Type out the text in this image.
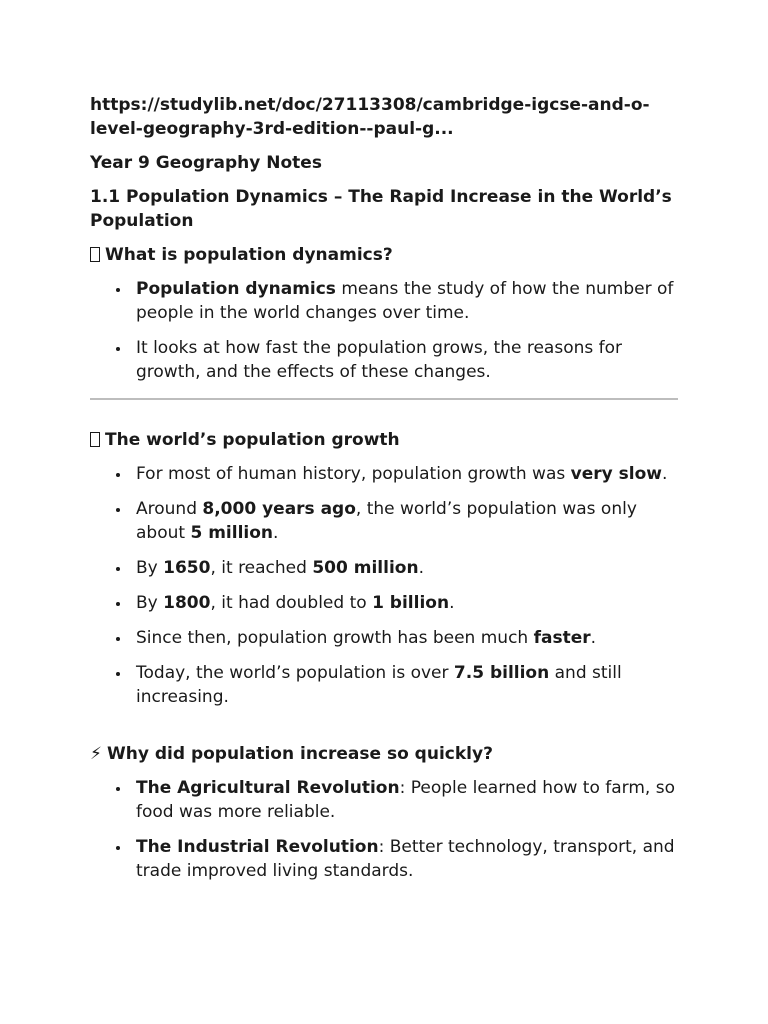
https://studylib.net/doc/27113308/cambridge-igcse-and-o-level-geography-3rd-edition--paul-g...

Year 9 Geography Notes

1.1 Population Dynamics – The Rapid Increase in the World’s Population

What is population dynamics?

Population dynamics means the study of how the number of people in the world changes over time.
It looks at how fast the population grows, the reasons for growth, and the effects of these changes.

The world’s population growth

For most of human history, population growth was very slow.
Around 8,000 years ago, the world’s population was only about 5 million.
By 1650, it reached 500 million.
By 1800, it had doubled to 1 billion.
Since then, population growth has been much faster.
Today, the world’s population is over 7.5 billion and still increasing.

⚡ Why did population increase so quickly?

The Agricultural Revolution: People learned how to farm, so food was more reliable.
The Industrial Revolution: Better technology, transport, and trade improved living standards.
